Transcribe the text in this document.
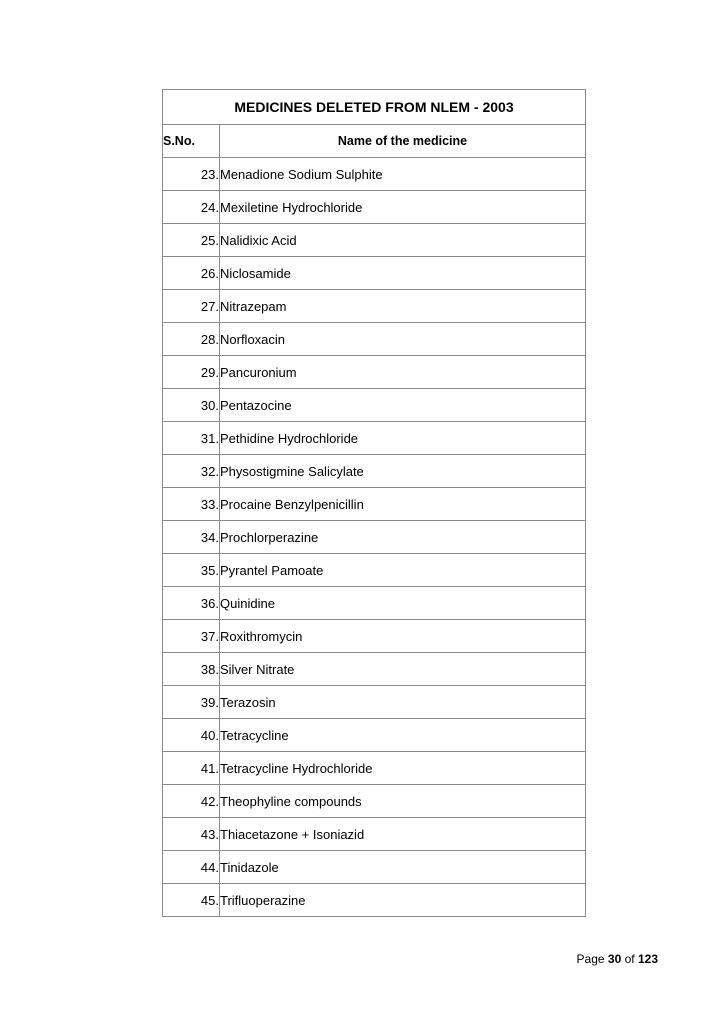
MEDICINES DELETED FROM NLEM - 2003	
S.No.	Name of the medicine
23.	Menadione Sodium Sulphite
24.	Mexiletine Hydrochloride
25.	Nalidixic Acid
26.	Niclosamide
27.	Nitrazepam
28.	Norfloxacin
29.	Pancuronium
30.	Pentazocine
31.	Pethidine Hydrochloride
32.	Physostigmine Salicylate
33.	Procaine Benzylpenicillin
34.	Prochlorperazine
35.	Pyrantel Pamoate
36.	Quinidine
37.	Roxithromycin
38.	Silver Nitrate
39.	Terazosin
40.	Tetracycline
41.	Tetracycline Hydrochloride
42.	Theophyline compounds
43.	Thiacetazone + Isoniazid
44.	Tinidazole
45.	Trifluoperazine
Page 30 of 123
